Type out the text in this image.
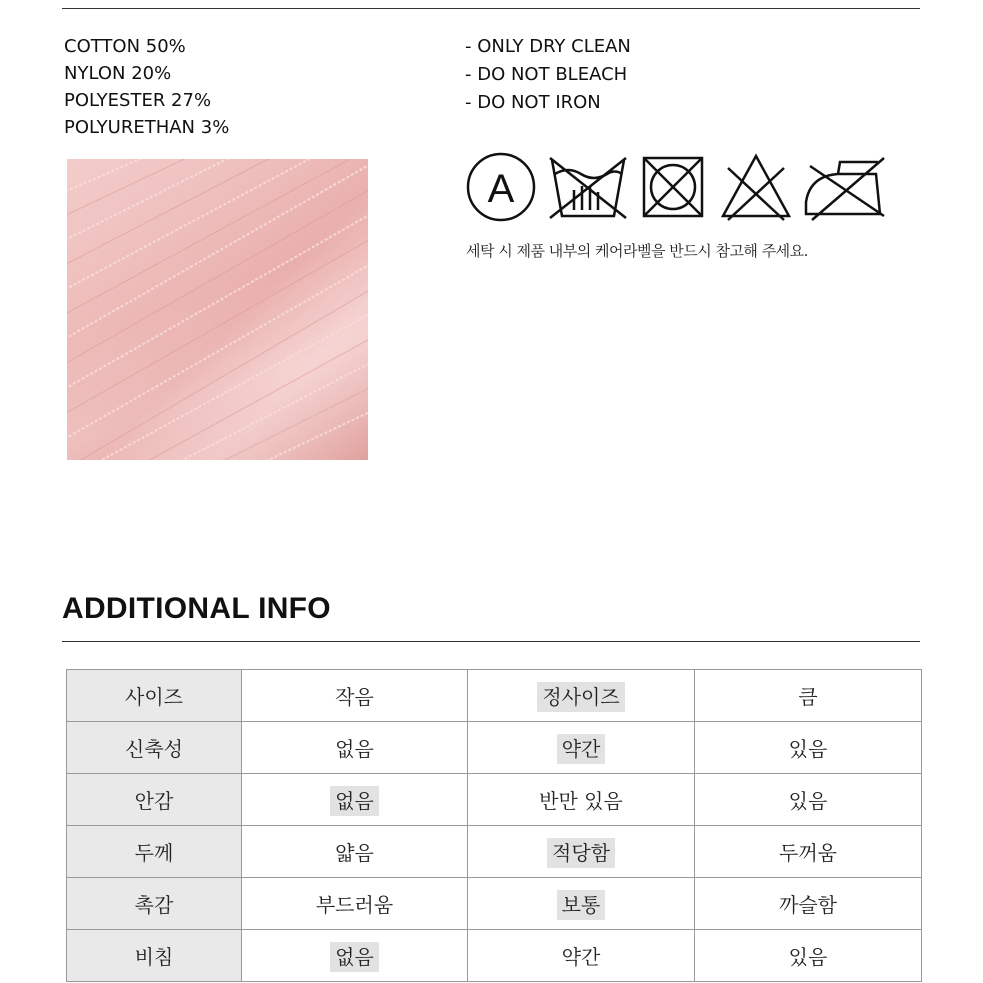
COTTON 50%
NYLON 20%
POLYESTER 27%
POLYURETHAN 3%
- ONLY DRY CLEAN
- DO NOT BLEACH
- DO NOT IRON
A
세탁 시 제품 내부의 케어라벨을 반드시 참고해 주세요.
ADDITIONAL INFO
사이즈	작음	정사이즈	큼
신축성	없음	약간	있음
안감	없음	반만 있음	있음
두께	얇음	적당함	두꺼움
촉감	부드러움	보통	까슬함
비침	없음	약간	있음
